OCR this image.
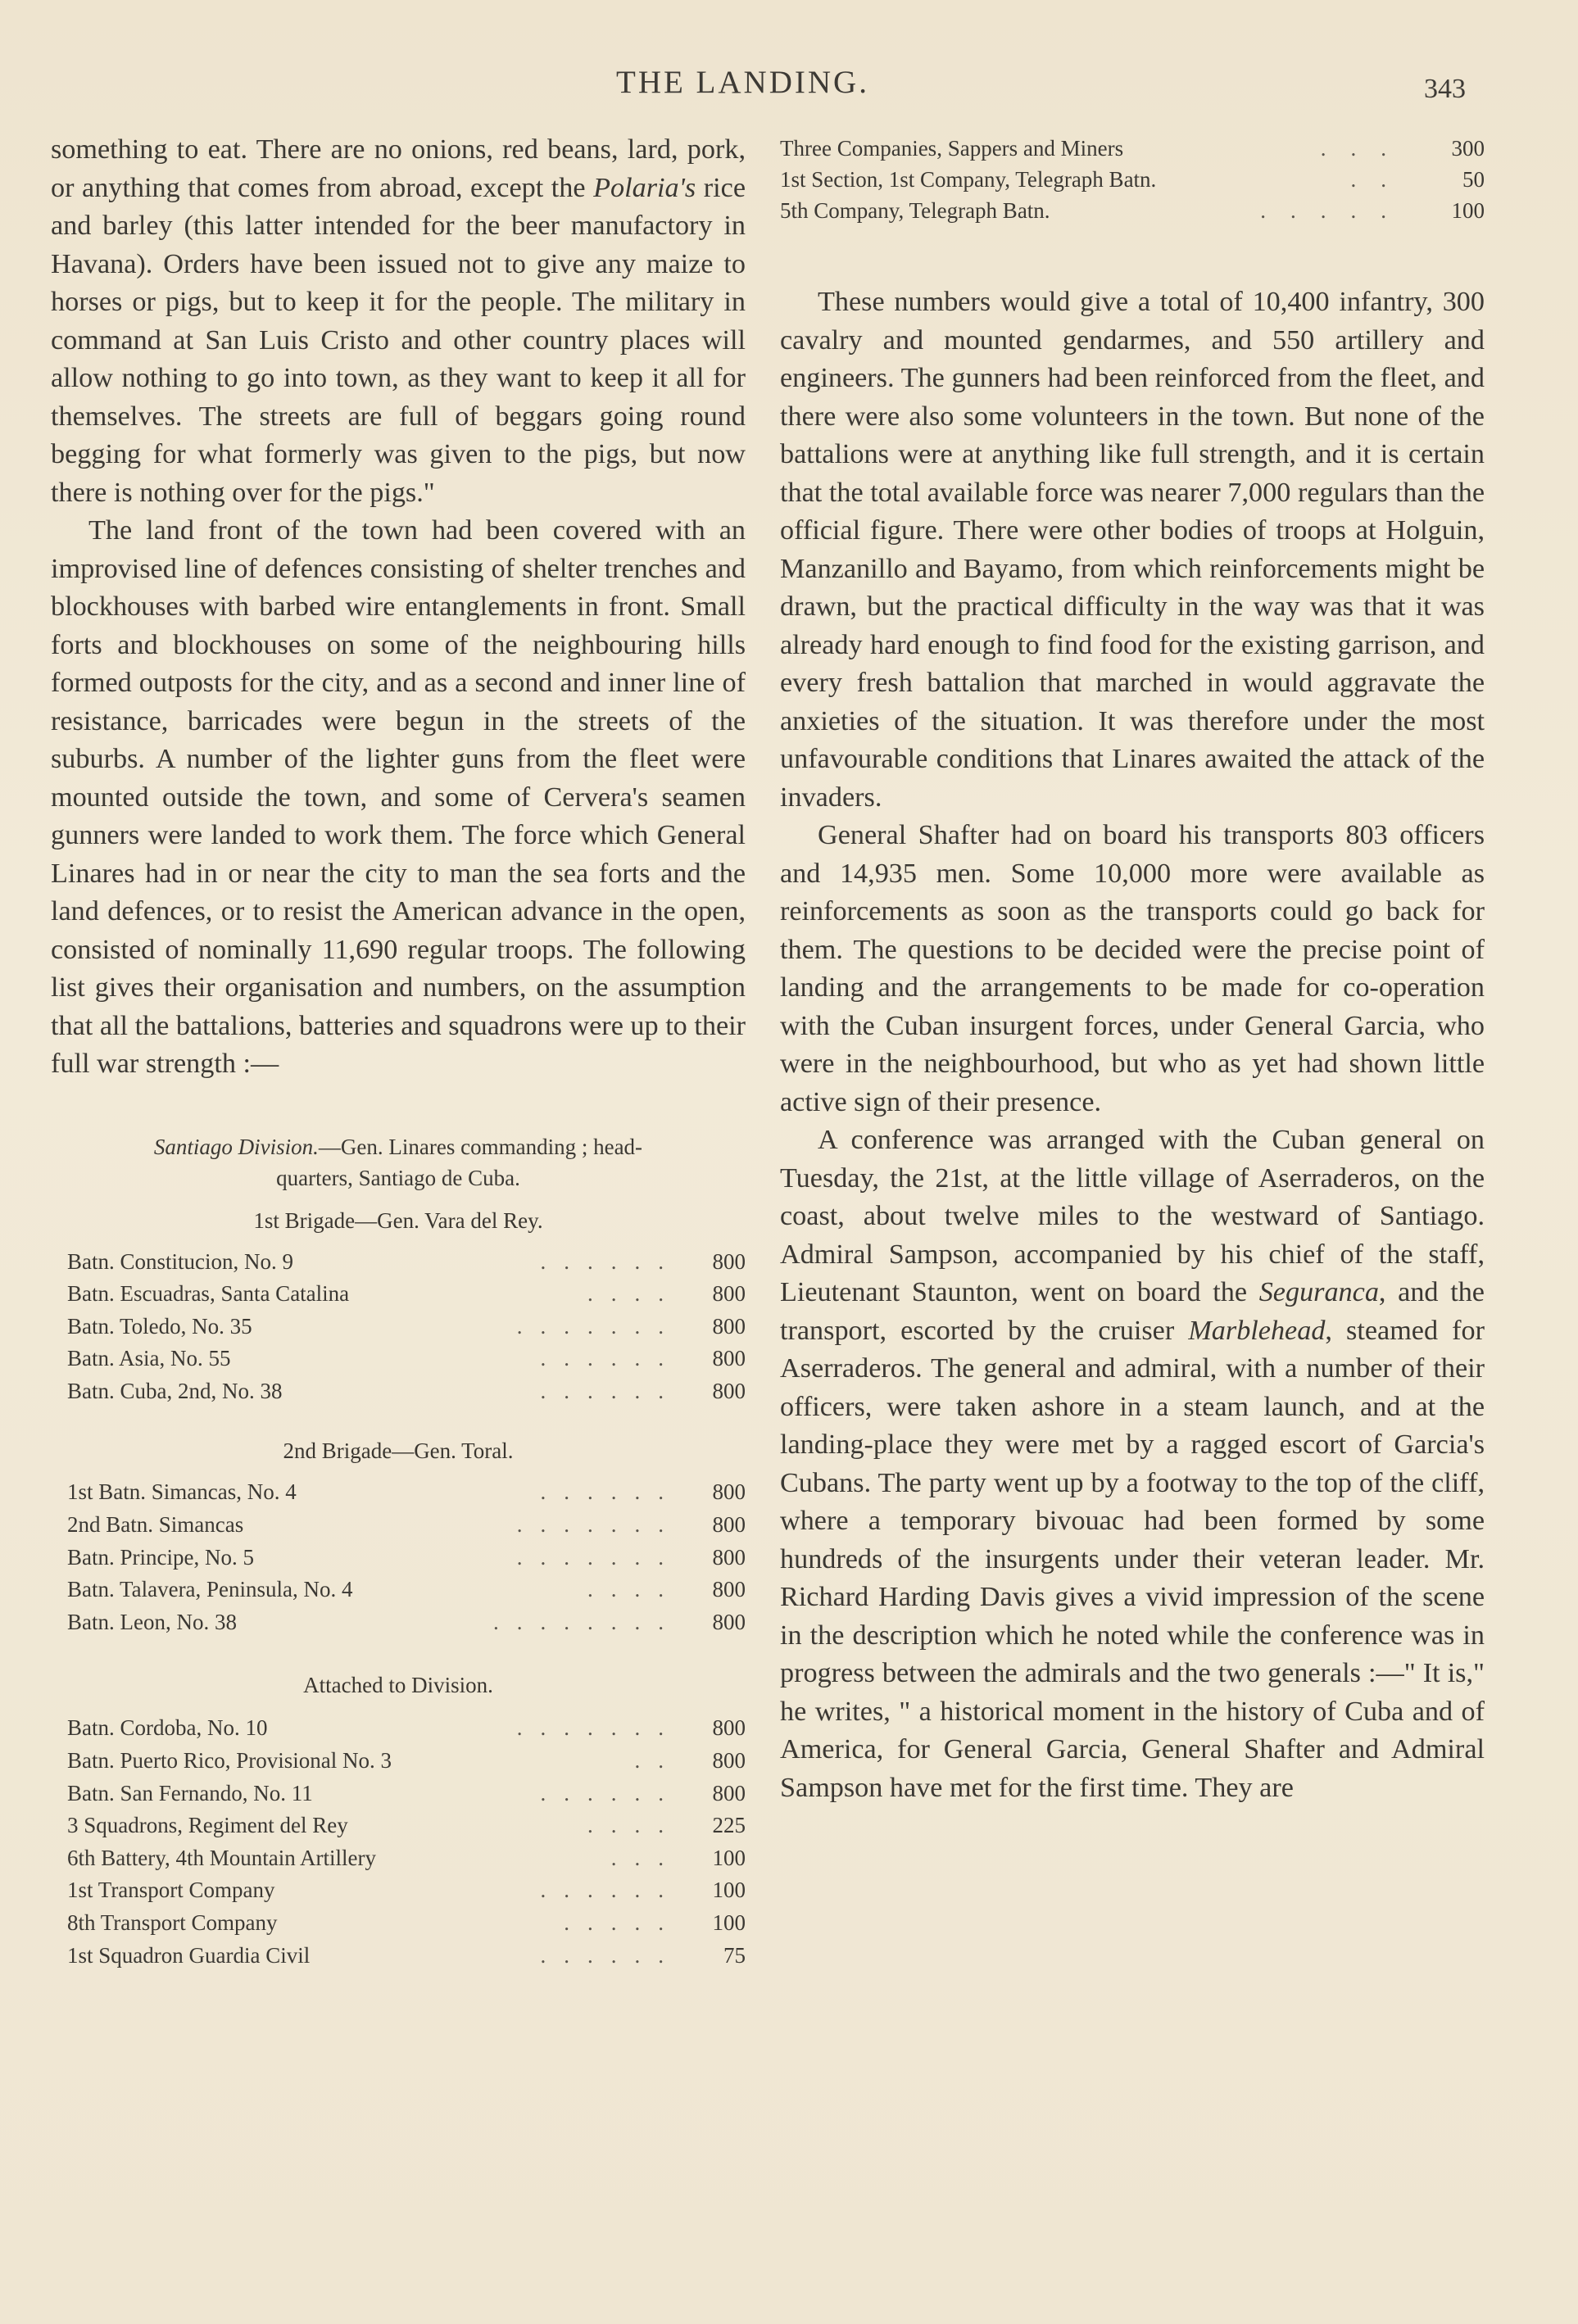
THE LANDING.	343

something to eat. There are no onions, red beans, lard, pork, or anything that comes from abroad, except the Polaria's rice and barley (this latter intended for the beer manufactory in Havana). Orders have been issued not to give any maize to horses or pigs, but to keep it for the people. The military in command at San Luis Cristo and other country places will allow nothing to go into town, as they want to keep it all for themselves. The streets are full of beggars going round begging for what formerly was given to the pigs, but now there is nothing over for the pigs."

The land front of the town had been covered with an improvised line of defences consisting of shelter trenches and blockhouses with barbed wire entanglements in front. Small forts and blockhouses on some of the neighbouring hills formed outposts for the city, and as a second and inner line of resistance, barricades were begun in the streets of the suburbs. A number of the lighter guns from the fleet were mounted outside the town, and some of Cervera's seamen gunners were landed to work them. The force which General Linares had in or near the city to man the sea forts and the land defences, or to resist the American advance in the open, consisted of nominally 11,690 regular troops. The following list gives their organisation and numbers, on the assumption that all the battalions, batteries and squadrons were up to their full war strength :—

Santiago Division.—Gen. Linares commanding ; head-

quarters, Santiago de Cuba.

1st Brigade—Gen. Vara del Rey.

......
Batn. Constitucion, No. 9	800
....
Batn. Escuadras, Santa Catalina	800
.......
Batn. Toledo, No. 35	800
......
Batn. Asia, No. 55	800
......
Batn. Cuba, 2nd, No. 38	800

2nd Brigade—Gen. Toral.

......
1st Batn. Simancas, No. 4	800
.......
2nd Batn. Simancas	800
.......
Batn. Principe, No. 5	800
....
Batn. Talavera, Peninsula, No. 4	800
........
Batn. Leon, No. 38	800

Attached to Division.

.......
Batn. Cordoba, No. 10	800
..
Batn. Puerto Rico, Provisional No. 3	800
......
Batn. San Fernando, No. 11	800
....
3 Squadrons, Regiment del Rey	225
...
6th Battery, 4th Mountain Artillery	100
......
1st Transport Company	100
.....
8th Transport Company	100
......
1st Squadron Guardia Civil	75
...
Three Companies, Sappers and Miners	300
..
1st Section, 1st Company, Telegraph Batn.	50
.....
5th Company, Telegraph Batn.	100

These numbers would give a total of 10,400 infantry, 300 cavalry and mounted gendarmes, and 550 artillery and engineers. The gunners had been reinforced from the fleet, and there were also some volunteers in the town. But none of the battalions were at anything like full strength, and it is certain that the total available force was nearer 7,000 regulars than the official figure. There were other bodies of troops at Holguin, Manzanillo and Bayamo, from which reinforcements might be drawn, but the practical difficulty in the way was that it was already hard enough to find food for the existing garrison, and every fresh battalion that marched in would aggravate the anxieties of the situation. It was therefore under the most unfavourable conditions that Linares awaited the attack of the invaders.

General Shafter had on board his transports 803 officers and 14,935 men. Some 10,000 more were available as reinforcements as soon as the transports could go back for them. The questions to be decided were the precise point of landing and the arrangements to be made for co-operation with the Cuban insurgent forces, under General Garcia, who were in the neighbourhood, but who as yet had shown little active sign of their presence.

A conference was arranged with the Cuban general on Tuesday, the 21st, at the little village of Aserraderos, on the coast, about twelve miles to the westward of Santiago. Admiral Sampson, accompanied by his chief of the staff, Lieutenant Staunton, went on board the Seguranca, and the transport, escorted by the cruiser Marblehead, steamed for Aserraderos. The general and admiral, with a number of their officers, were taken ashore in a steam launch, and at the landing-place they were met by a ragged escort of Garcia's Cubans. The party went up by a footway to the top of the cliff, where a temporary bivouac had been formed by some hundreds of the insurgents under their veteran leader. Mr. Richard Harding Davis gives a vivid impression of the scene in the description which he noted while the conference was in progress between the admirals and the two generals :—" It is," he writes, " a historical moment in the history of Cuba and of America, for General Garcia, General Shafter and Admiral Sampson have met for the first time. They are
